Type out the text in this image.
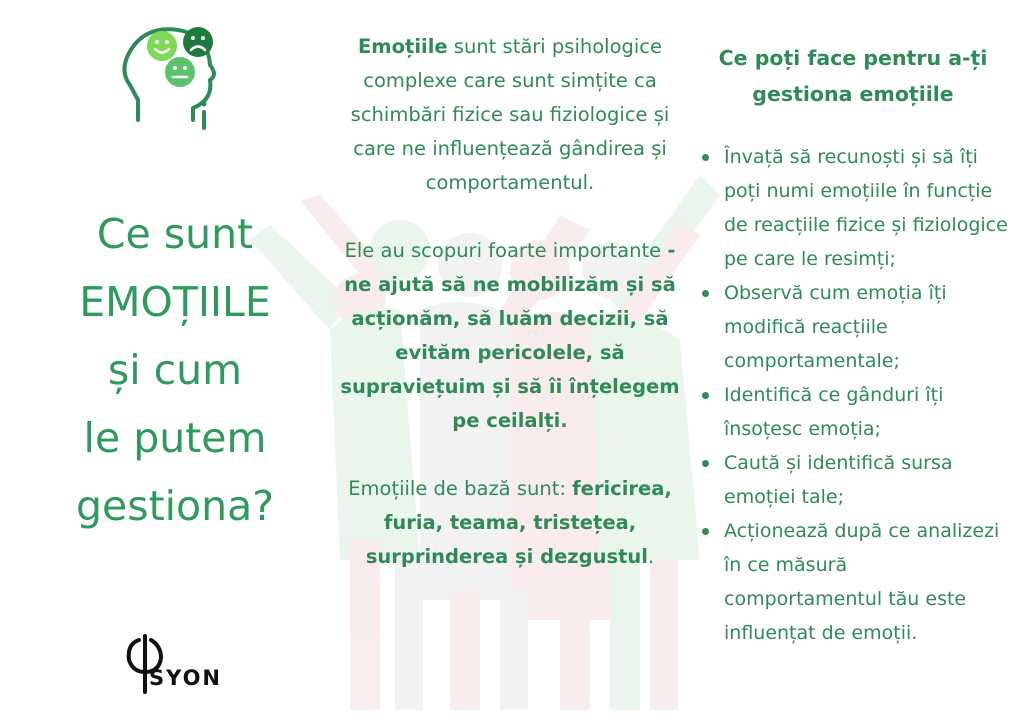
Ce sunt
EMOȚIILE
și cum
le putem
gestiona?
SYON

Emoțiile sunt stări psihologice complexe care sunt simțite ca schimbări fizice sau fiziologice și care ne influențează gândirea și comportamentul.

Ele au scopuri foarte importante - ne ajută să ne mobilizăm și să acționăm, să luăm decizii, să evităm pericolele, să supraviețuim și să îi înțelegem pe ceilalți.

Emoțiile de bază sunt: fericirea, furia, teama, tristețea, surprinderea și dezgustul.

Ce poți face pentru a-ți gestiona emoțiile
Învață să recunoști și să îți poți numi emoțiile în funcție de reacțiile fizice și fiziologice pe care le resimți;
Observă cum emoția îți modifică reacțiile comportamentale;
Identifică ce gânduri îți însoțesc emoția;
Caută și identifică sursa emoției tale;
Acționează după ce analizezi în ce măsură comportamentul tău este influențat de emoții.
